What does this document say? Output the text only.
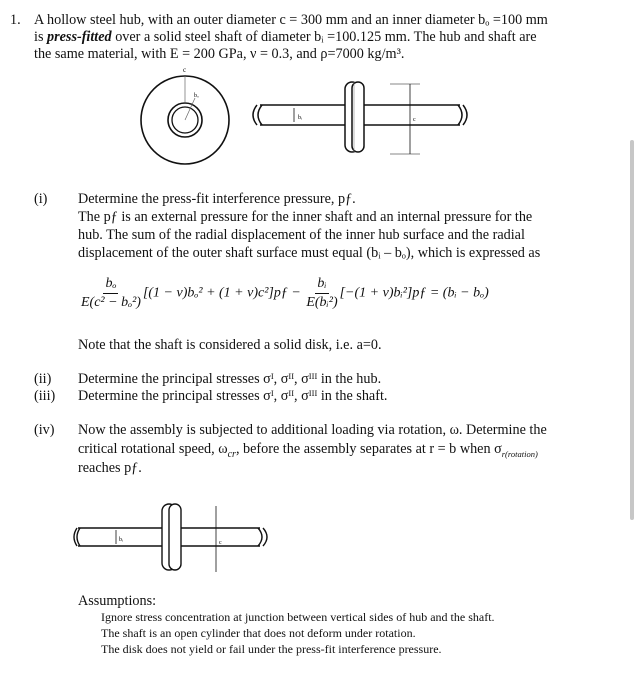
1. A hollow steel hub, with an outer diameter c = 300 mm and an inner diameter bₒ =100 mm
is press-fitted over a solid steel shaft of diameter bᵢ =100.125 mm. The hub and shaft are
the same material, with E = 200 GPa, ν = 0.3, and ρ=7000 kg/m³.
c
bₒ
bᵢ	c
(i) Determine the press-fit interference pressure, pƒ.
The pƒ is an external pressure for the inner shaft and an internal pressure for the
hub. The sum of the radial displacement of the inner hub surface and the radial
displacement of the outer shaft surface must equal (bᵢ – bₒ), which is expressed as
$\frac{\text{bₒ}}{\text{E(c² − bₒ²)}} [(1 - \nu)b_o^2 + (1$ + ν)c²]pƒ − $\frac{\text{bᵢ}}{\text{E(bᵢ²)}} [-(1$ + ν)bᵢ²]pƒ = (bᵢ − bₒ)
Note that the shaft is considered a solid disk, i.e. a=0.
(ii) Determine the principal stresses σᴵ, σᴵᴵ, σᴵᴵᴵ in the hub.
(iii) Determine the principal stresses σᴵ, σᴵᴵ, σᴵᴵᴵ in the shaft.
(iv) Now the assembly is subjected to additional loading via rotation, ω. Determine the
critical rotational speed, $\omega_{cr}$, before the assembly separates at r = b when $\sigma_{r(rotation)}$
reaches pƒ.
bᵢ	c
Assumptions:
Ignore stress concentration at junction between vertical sides of hub and the shaft.
The shaft is an open cylinder that does not deform under rotation.
The disk does not yield or fail under the press-fit interference pressure.
